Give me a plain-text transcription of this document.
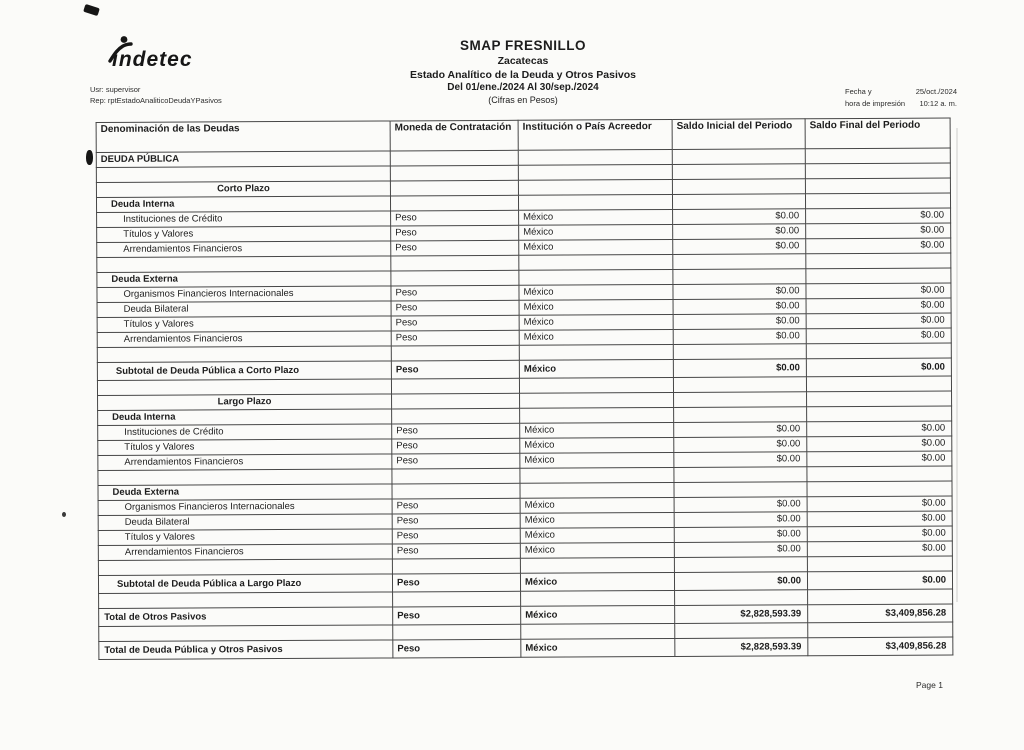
indetec
Usr: supervisor
Rep: rptEstadoAnaliticoDeudaYPasivos
SMAP FRESNILLO
Zacatecas
Estado Analítico de la Deuda y Otros Pasivos
Del 01/ene./2024 Al 30/sep./2024
(Cifras en Pesos)
Fecha y	25/oct./2024
hora de impresión 10:12 a. m.
Denominación de las Deudas	Moneda de Contratación	Institución o País Acreedor	Saldo Inicial del Periodo	Saldo Final del Periodo
DEUDA PÚBLICA				

Corto Plazo				
Deuda Interna				
Instituciones de Crédito	Peso	México	$0.00	$0.00
Títulos y Valores	Peso	México	$0.00	$0.00
Arrendamientos Financieros	Peso	México	$0.00	$0.00

Deuda Externa				
Organismos Financieros Internacionales	Peso	México	$0.00	$0.00
Deuda Bilateral	Peso	México	$0.00	$0.00
Títulos y Valores	Peso	México	$0.00	$0.00
Arrendamientos Financieros	Peso	México	$0.00	$0.00

Subtotal de Deuda Pública a Corto Plazo	Peso	México	$0.00	$0.00

Largo Plazo				
Deuda Interna				
Instituciones de Crédito	Peso	México	$0.00	$0.00
Títulos y Valores	Peso	México	$0.00	$0.00
Arrendamientos Financieros	Peso	México	$0.00	$0.00

Deuda Externa				
Organismos Financieros Internacionales	Peso	México	$0.00	$0.00
Deuda Bilateral	Peso	México	$0.00	$0.00
Títulos y Valores	Peso	México	$0.00	$0.00
Arrendamientos Financieros	Peso	México	$0.00	$0.00

Subtotal de Deuda Pública a Largo Plazo	Peso	México	$0.00	$0.00

Total de Otros Pasivos	Peso	México	$2,828,593.39	$3,409,856.28

Total de Deuda Pública y Otros Pasivos	Peso	México	$2,828,593.39	$3,409,856.28
Page 1
